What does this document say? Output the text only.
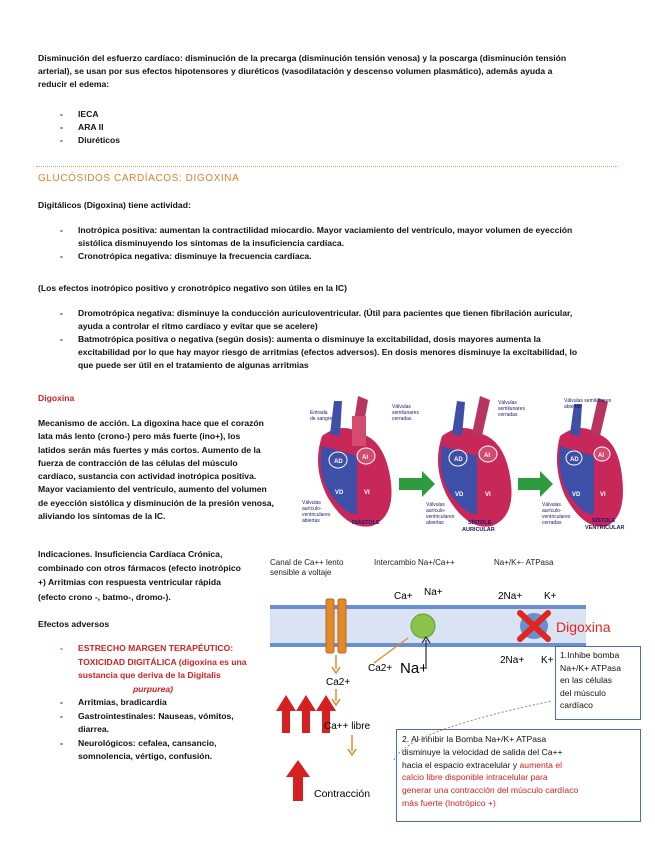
Disminución del esfuerzo cardíaco: disminución de la precarga (disminución tensión venosa) y la poscarga (disminución tensión
arterial), se usan por sus efectos hipotensores y diuréticos (vasodilatación y descenso volumen plasmático), además ayuda a
reducir el edema:
- IECA
- ARA II
- Diuréticos
GLUCÓSIDOS CARDÍACOS: DIGOXINA
Digitálicos (Digoxina) tiene actividad:
- Inotrópica positiva: aumentan la contractilidad miocardio. Mayor vaciamiento del ventrículo, mayor volumen de eyección
sistólica disminuyendo los síntomas de la insuficiencia cardíaca.
- Cronotrópica negativa: disminuye la frecuencia cardíaca.
(Los efectos inotrópico positivo y cronotrópico negativo son útiles en la IC)
- Dromotrópica negativa: disminuye la conducción auriculoventricular. (Útil para pacientes que tienen fibrilación auricular,
ayuda a controlar el ritmo cardíaco y evitar que se acelere)
- Batmotrópica positiva o negativa (según dosis): aumenta o disminuye la excitabilidad, dosis mayores aumenta la
excitabilidad por lo que hay mayor riesgo de arritmias (efectos adversos). En dosis menores disminuye la excitabilidad, lo
que puede ser útil en el tratamiento de algunas arritmias
Digoxina
Mecanismo de acción. La digoxina hace que el corazón
lata más lento (crono-) pero más fuerte (ino+), los
latidos serán más fuertes y más cortos. Aumento de la
fuerza de contracción de las células del músculo
cardíaco, sustancia con actividad inotrópica positiva.
Mayor vaciamiento del ventrículo, aumento del volumen
de eyección sistólica y disminución de la presión venosa,
aliviando los síntomas de la IC.
Indicaciones. Insuficiencia Cardíaca Crónica,
combinado con otros fármacos (efecto inotrópico
+) Arritmias con respuesta ventricular rápida
(efecto crono -, batmo-, dromo-).
Efectos adversos
- ESTRECHO MARGEN TERAPÉUTICO:
TOXICIDAD DIGITÁLICA (digoxina es una
sustancia que deriva de la Digitalis
purpurea)
- Arritmias, bradicardia
- Gastrointestinales: Nauseas, vómitos,
diarrea.
- Neurológicos: cefalea, cansancio,
somnolencia, vértigo, confusión.
AD
AI
VD	VI
Entrada de sangre
Válvulas semilunares cerradas
Válvulas aurículo-ventriculares abiertas	DIÁSTOLE
AD
AI
VD	VI
Válvulas semilunares cerradas
Válvulas aurículo-ventriculares abiertas	SÍSTOLE AURICULAR
AD
AI
VD	VI
Válvulas semilunares abiertas
Válvulas aurículo-ventriculares cerradas	SÍSTOLE VENTRICULAR
Canal de Ca++ lento sensible a voltaje
Intercambio Na+/Ca++	Na+/K+- ATPasa
Ca+ Na+	2Na+ K+
Digoxina
Ca2+
Ca2+ Na+	2Na+ K+
Ca++ libre
Contracción
1.Inhibe bomba
Na+/K+ ATPasa
en las células
del músculo
cardíaco
2. Al inhibir la Bomba Na+/K+ ATPasa
disminuye la velocidad de salida del Ca++
hacia el espacio extracelular y aumenta el
calcio libre disponible intracelular para
generar una contracción del músculo cardíaco
más fuerte (Inotrópico +)
